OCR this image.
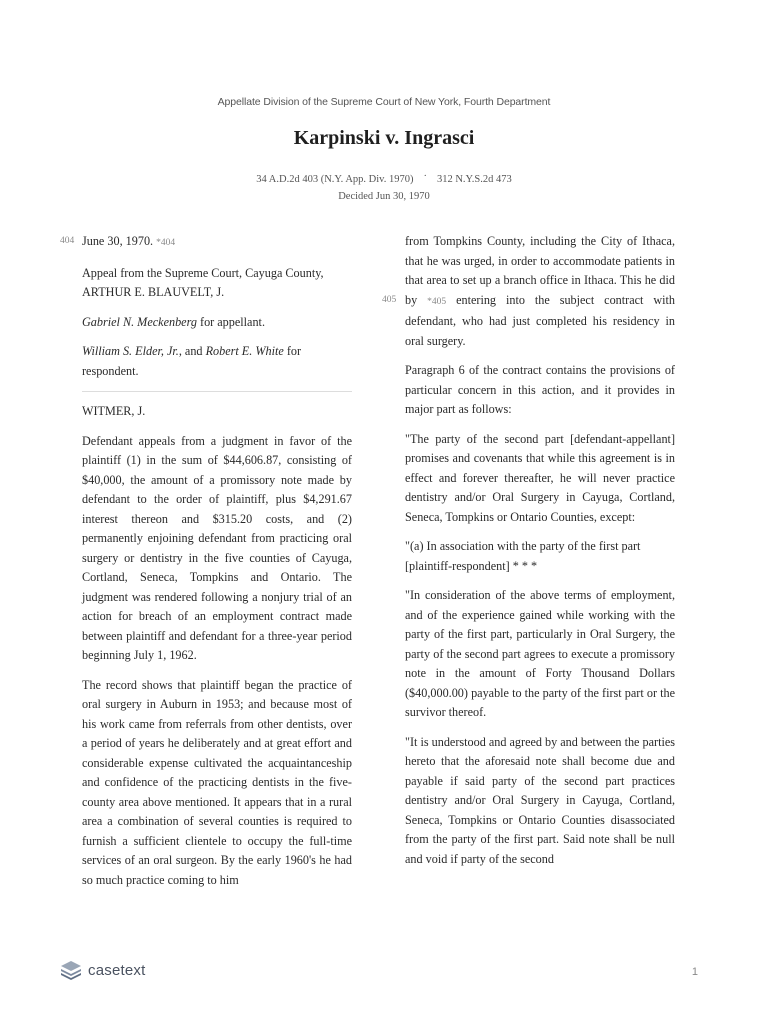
Appellate Division of the Supreme Court of New York, Fourth Department
Karpinski v. Ingrasci
34 A.D.2d 403 (N.Y. App. Div. 1970) · 312 N.Y.S.2d 473
Decided Jun 30, 1970
404
405

June 30, 1970. *404

Appeal from the Supreme Court, Cayuga County, ARTHUR E. BLAUVELT, J.

Gabriel N. Meckenberg for appellant.

William S. Elder, Jr., and Robert E. White for respondent.

WITMER, J.

Defendant appeals from a judgment in favor of the plaintiff (1) in the sum of $44,606.87, consisting of $40,000, the amount of a promissory note made by defendant to the order of plaintiff, plus $4,291.67 interest thereon and $315.20 costs, and (2) permanently enjoining defendant from practicing oral surgery or dentistry in the five counties of Cayuga, Cortland, Seneca, Tompkins and Ontario. The judgment was rendered following a nonjury trial of an action for breach of an employment contract made between plaintiff and defendant for a three-year period beginning July 1, 1962.

The record shows that plaintiff began the practice of oral surgery in Auburn in 1953; and because most of his work came from referrals from other dentists, over a period of years he deliberately and at great effort and considerable expense cultivated the acquaintanceship and confidence of the practicing dentists in the five-county area above mentioned. It appears that in a rural area a combination of several counties is required to furnish a sufficient clientele to occupy the full-time services of an oral surgeon. By the early 1960's he had so much practice coming to him

from Tompkins County, including the City of Ithaca, that he was urged, in order to accommodate patients in that area to set up a branch office in Ithaca. This he did by *405 entering into the subject contract with defendant, who had just completed his residency in oral surgery.

Paragraph 6 of the contract contains the provisions of particular concern in this action, and it provides in major part as follows:

"The party of the second part [defendant-appellant] promises and covenants that while this agreement is in effect and forever thereafter, he will never practice dentistry and/or Oral Surgery in Cayuga, Cortland, Seneca, Tompkins or Ontario Counties, except:

"(a) In association with the party of the first part [plaintiff-respondent] * * *

"In consideration of the above terms of employment, and of the experience gained while working with the party of the first part, particularly in Oral Surgery, the party of the second part agrees to execute a promissory note in the amount of Forty Thousand Dollars ($40,000.00) payable to the party of the first part or the survivor thereof.

"It is understood and agreed by and between the parties hereto that the aforesaid note shall become due and payable if said party of the second part practices dentistry and/or Oral Surgery in Cayuga, Cortland, Seneca, Tompkins or Ontario Counties disassociated from the party of the first part. Said note shall be null and void if party of the second

casetext	1
